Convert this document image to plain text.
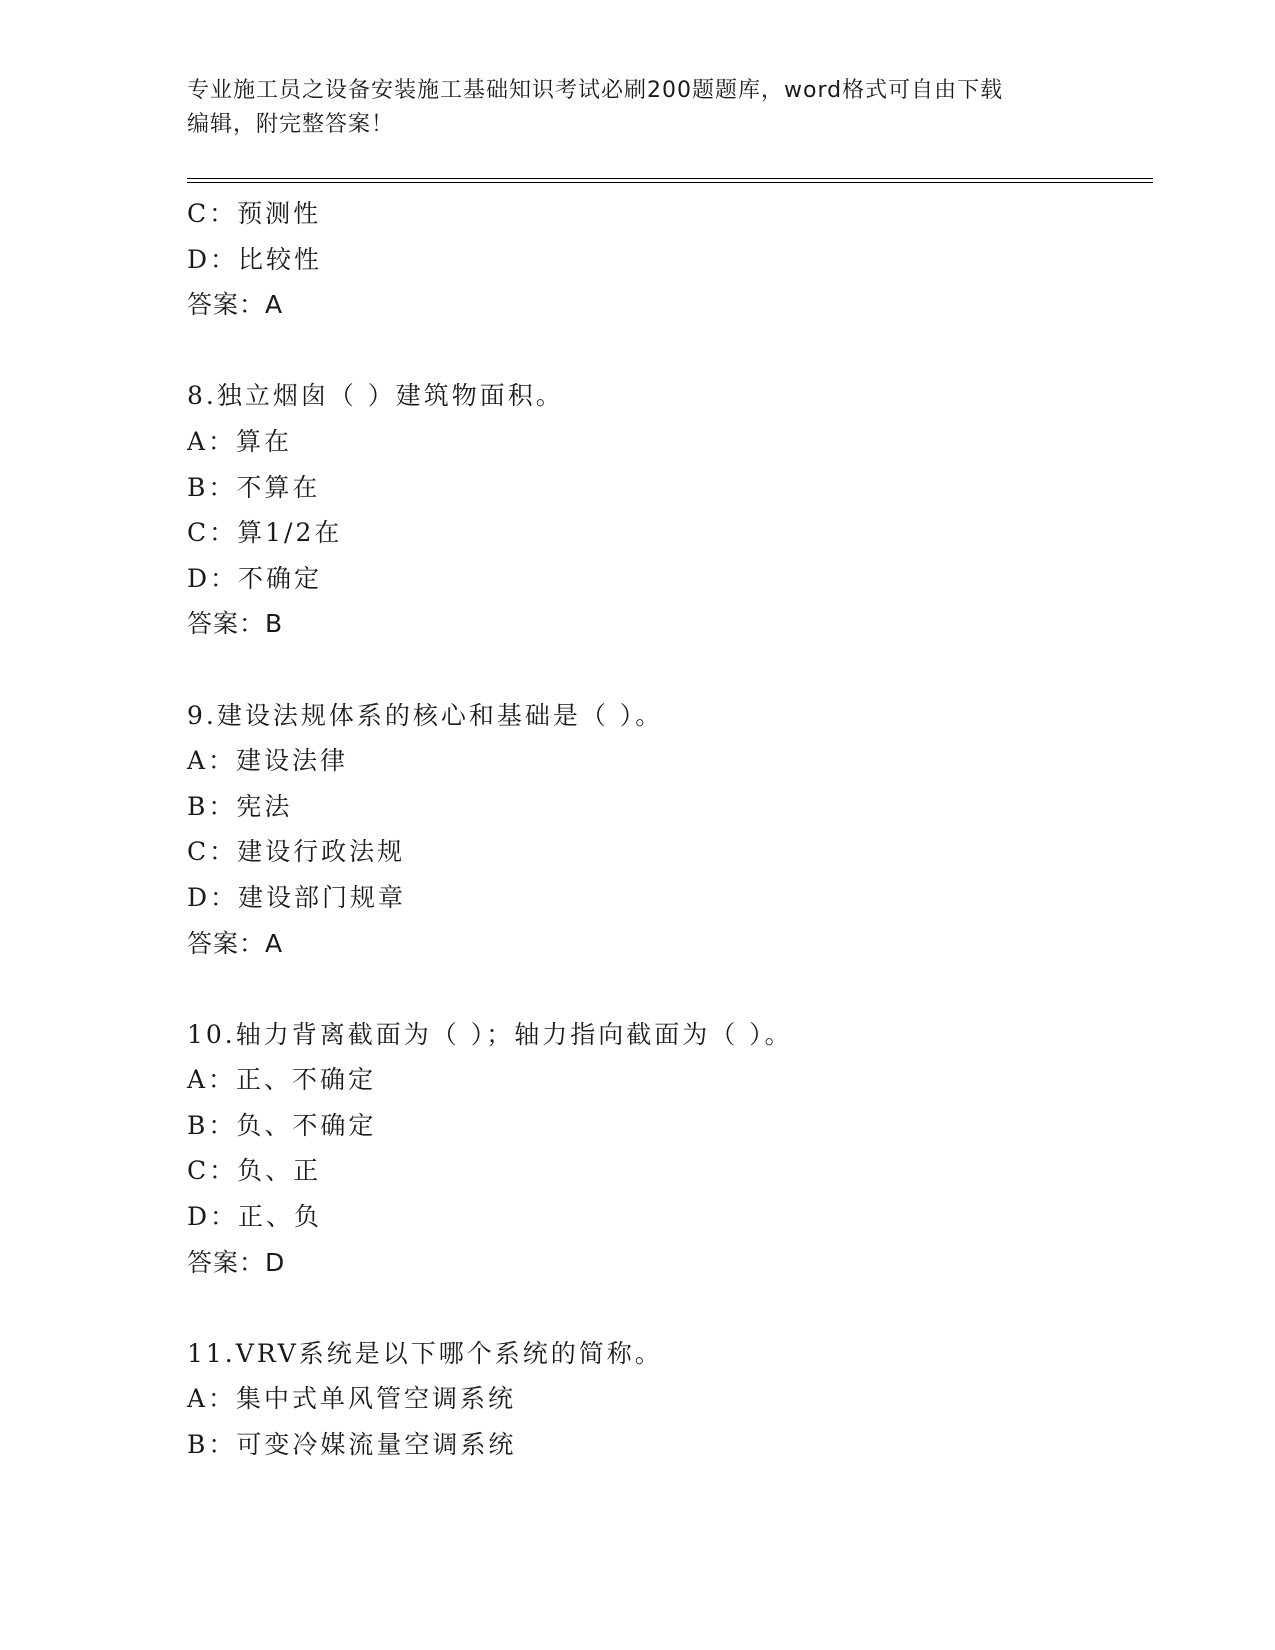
专业施工员之设备安装施工基础知识考试必刷200题题库，word格式可自由下载
编辑，附完整答案！
C：预测性
D：比较性
答案：A
8.独立烟囱（ ）建筑物面积。
A：算在
B：不算在
C：算1/2在
D：不确定
答案：B
9.建设法规体系的核心和基础是（ ）。
A：建设法律
B：宪法
C：建设行政法规
D：建设部门规章
答案：A
10.轴力背离截面为（ ）；轴力指向截面为（ ）。
A：正、不确定
B：负、不确定
C：负、正
D：正、负
答案：D
11.VRV系统是以下哪个系统的简称。
A：集中式单风管空调系统
B：可变冷媒流量空调系统
